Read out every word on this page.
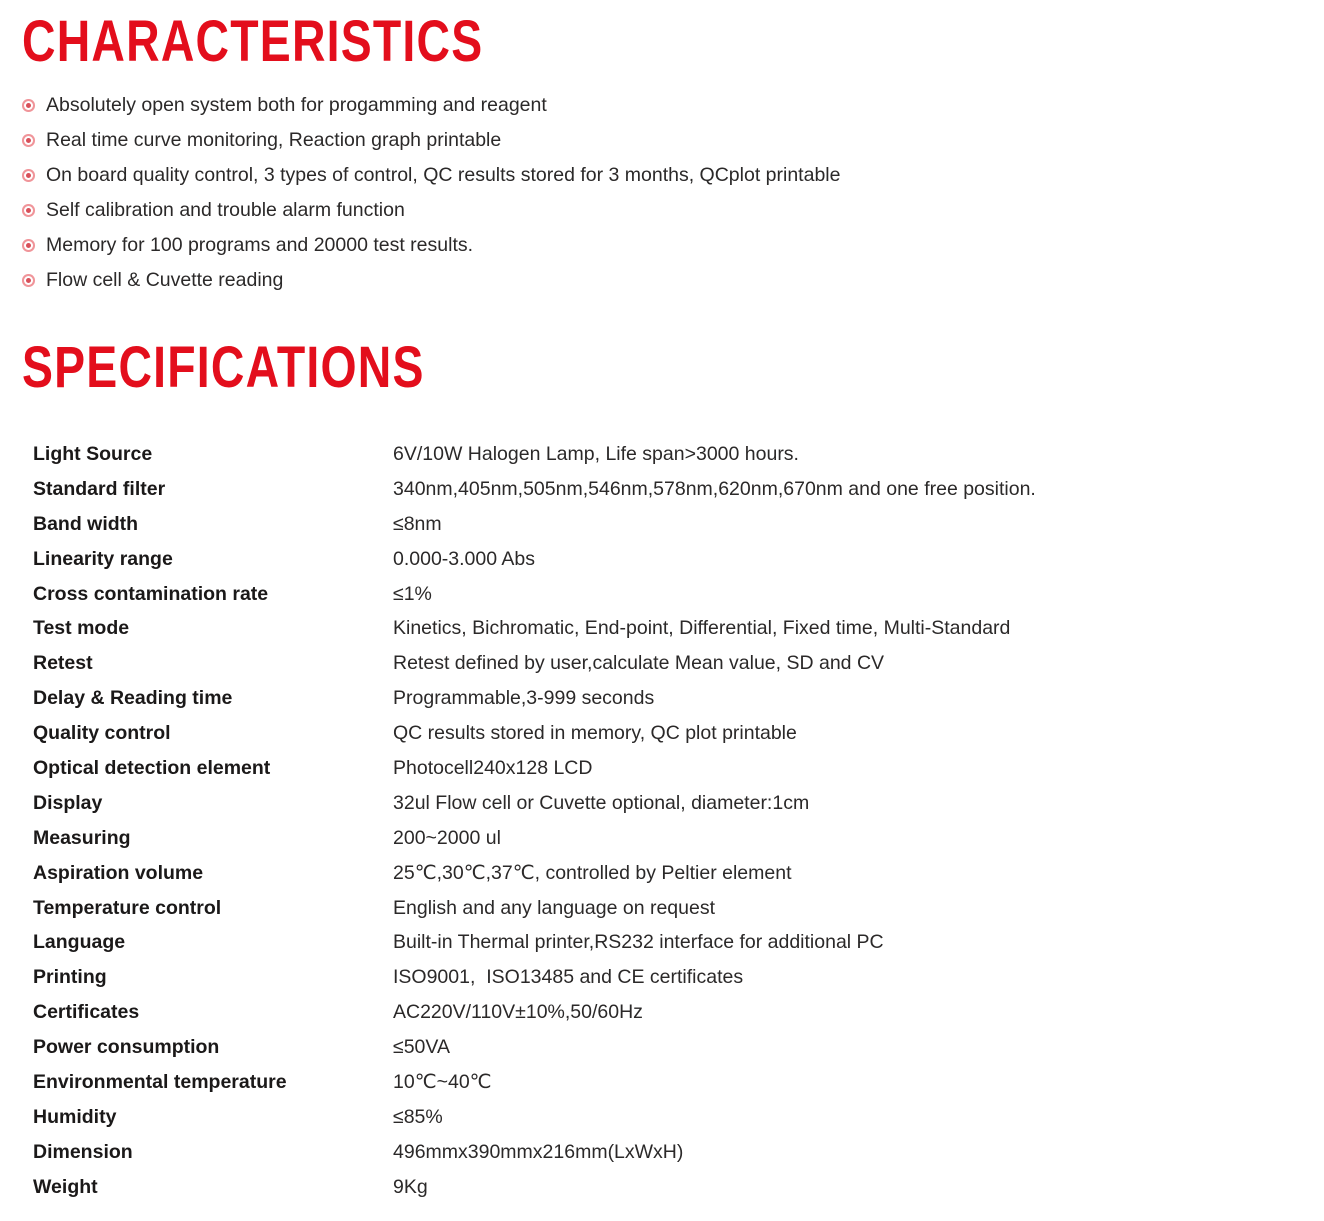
CHARACTERISTICS
Absolutely open system both for progamming and reagent
Real time curve monitoring, Reaction graph printable
On board quality control, 3 types of control, QC results stored for 3 months, QCplot printable
Self calibration and trouble alarm function
Memory for 100 programs and 20000 test results.
Flow cell & Cuvette reading
SPECIFICATIONS
Light Source	6V/10W Halogen Lamp, Life span>3000 hours.
Standard filter	340nm,405nm,505nm,546nm,578nm,620nm,670nm and one free position.
Band width	≤8nm
Linearity range	0.000-3.000 Abs
Cross contamination rate	≤1%
Test mode	Kinetics, Bichromatic, End-point, Differential, Fixed time, Multi-Standard
Retest	Retest defined by user,calculate Mean value, SD and CV
Delay & Reading time	Programmable,3-999 seconds
Quality control	QC results stored in memory, QC plot printable
Optical detection element	Photocell240x128 LCD
Display	32ul Flow cell or Cuvette optional, diameter:1cm
Measuring	200~2000 ul
Aspiration volume	25℃,30℃,37℃, controlled by Peltier element
Temperature control	English and any language on request
Language	Built-in Thermal printer,RS232 interface for additional PC
Printing	ISO9001,  ISO13485 and CE certificates
Certificates	AC220V/110V±10%,50/60Hz
Power consumption	≤50VA
Environmental temperature	10℃~40℃
Humidity	≤85%
Dimension	496mmx390mmx216mm(LxWxH)
Weight	9Kg
